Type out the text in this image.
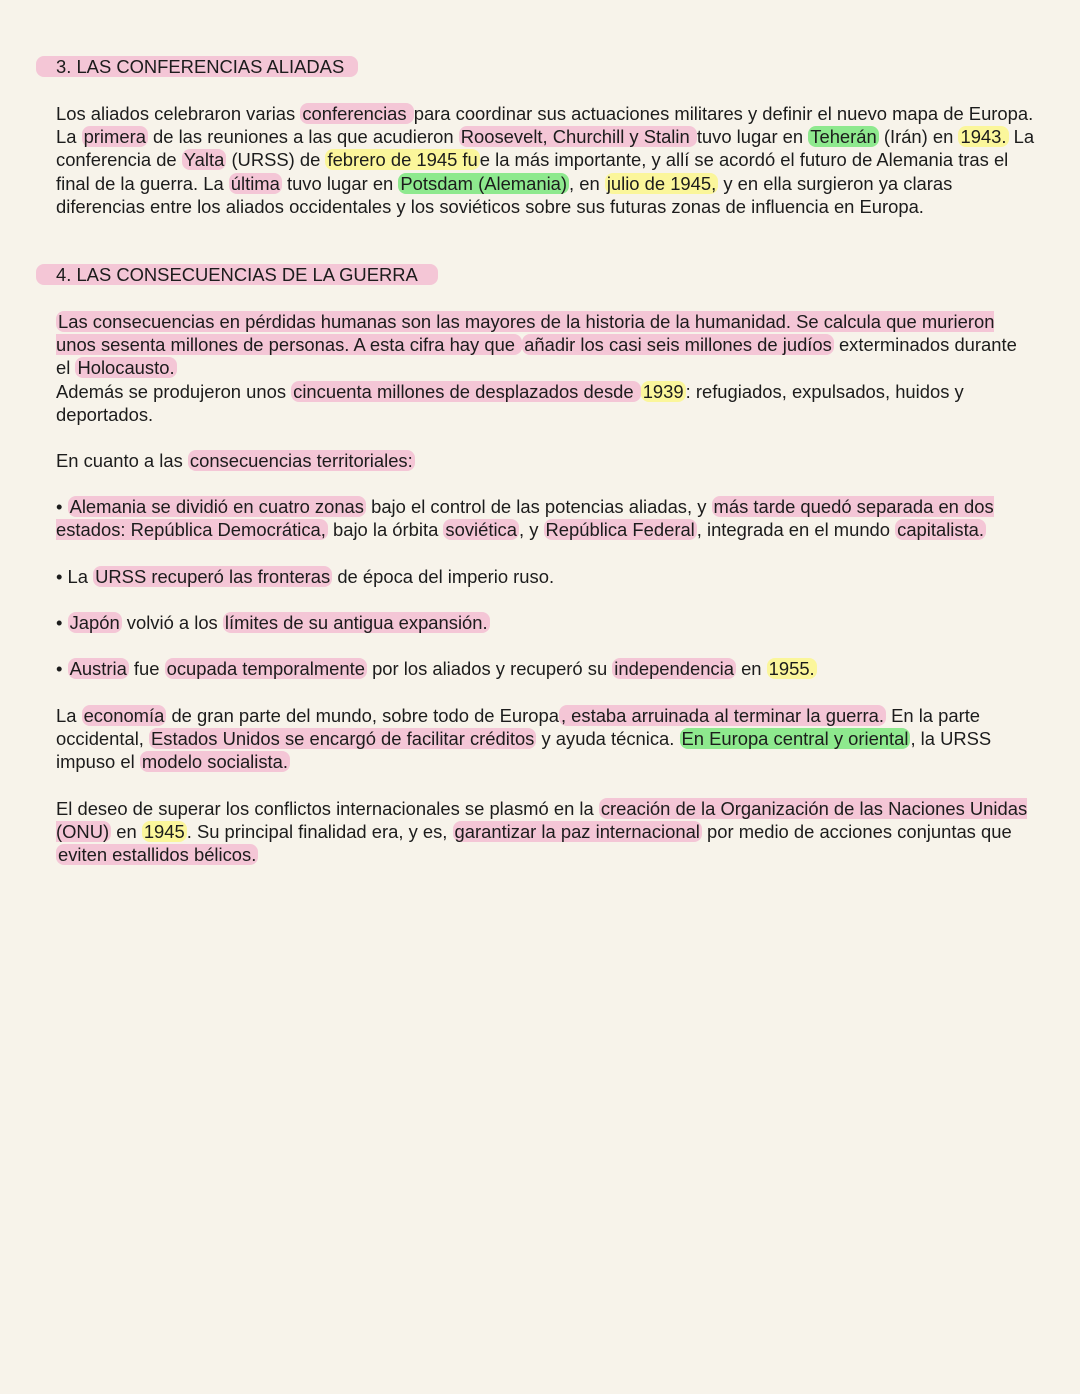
3. LAS CONFERENCIAS ALIADAS

Los aliados celebraron varias conferencias para coordinar sus actuaciones militares y definir el nuevo mapa de Europa. La primera de las reuniones a las que acudieron Roosevelt, Churchill y Stalin tuvo lugar en Teherán (Irán) en 1943. La conferencia de Yalta (URSS) de febrero de 1945 fu e la más importante, y allí se acordó el futuro de Alemania tras el final de la guerra. La última tuvo lugar en Potsdam (Alemania) , en julio de 1945, y en ella surgieron ya claras diferencias entre los aliados occidentales y los soviéticos sobre sus futuras zonas de influencia en Europa.

4. LAS CONSECUENCIAS DE LA GUERRA

Las consecuencias en pérdidas humanas son las mayores de la historia de la humanidad. Se calcula que murieron unos sesenta millones de personas. A esta cifra hay que añadir los casi seis millones de judíos exterminados durante el Holocausto.

Además se produjeron unos cincuenta millones de desplazados desde 1939 : refugiados, expulsados, huidos y deportados.

En cuanto a las consecuencias territoriales:

• Alemania se dividió en cuatro zonas bajo el control de las potencias aliadas, y más tarde quedó separada en dos estados: República Democrática, bajo la órbita soviética , y República Federal , integrada en el mundo capitalista.

• La URSS recuperó las fronteras de época del imperio ruso.

• Japón volvió a los límites de su antigua expansión.

• Austria fue ocupada temporalmente por los aliados y recuperó su independencia en 1955.

La economía de gran parte del mundo, sobre todo de Europa , estaba arruinada al terminar la guerra. En la parte occidental, Estados Unidos se encargó de facilitar créditos y ayuda técnica. En Europa central y oriental , la URSS impuso el modelo socialista.

El deseo de superar los conflictos internacionales se plasmó en la creación de la Organización de las Naciones Unidas (ONU) en 1945 . Su principal finalidad era, y es, garantizar la paz internacional por medio de acciones conjuntas que eviten estallidos bélicos.
